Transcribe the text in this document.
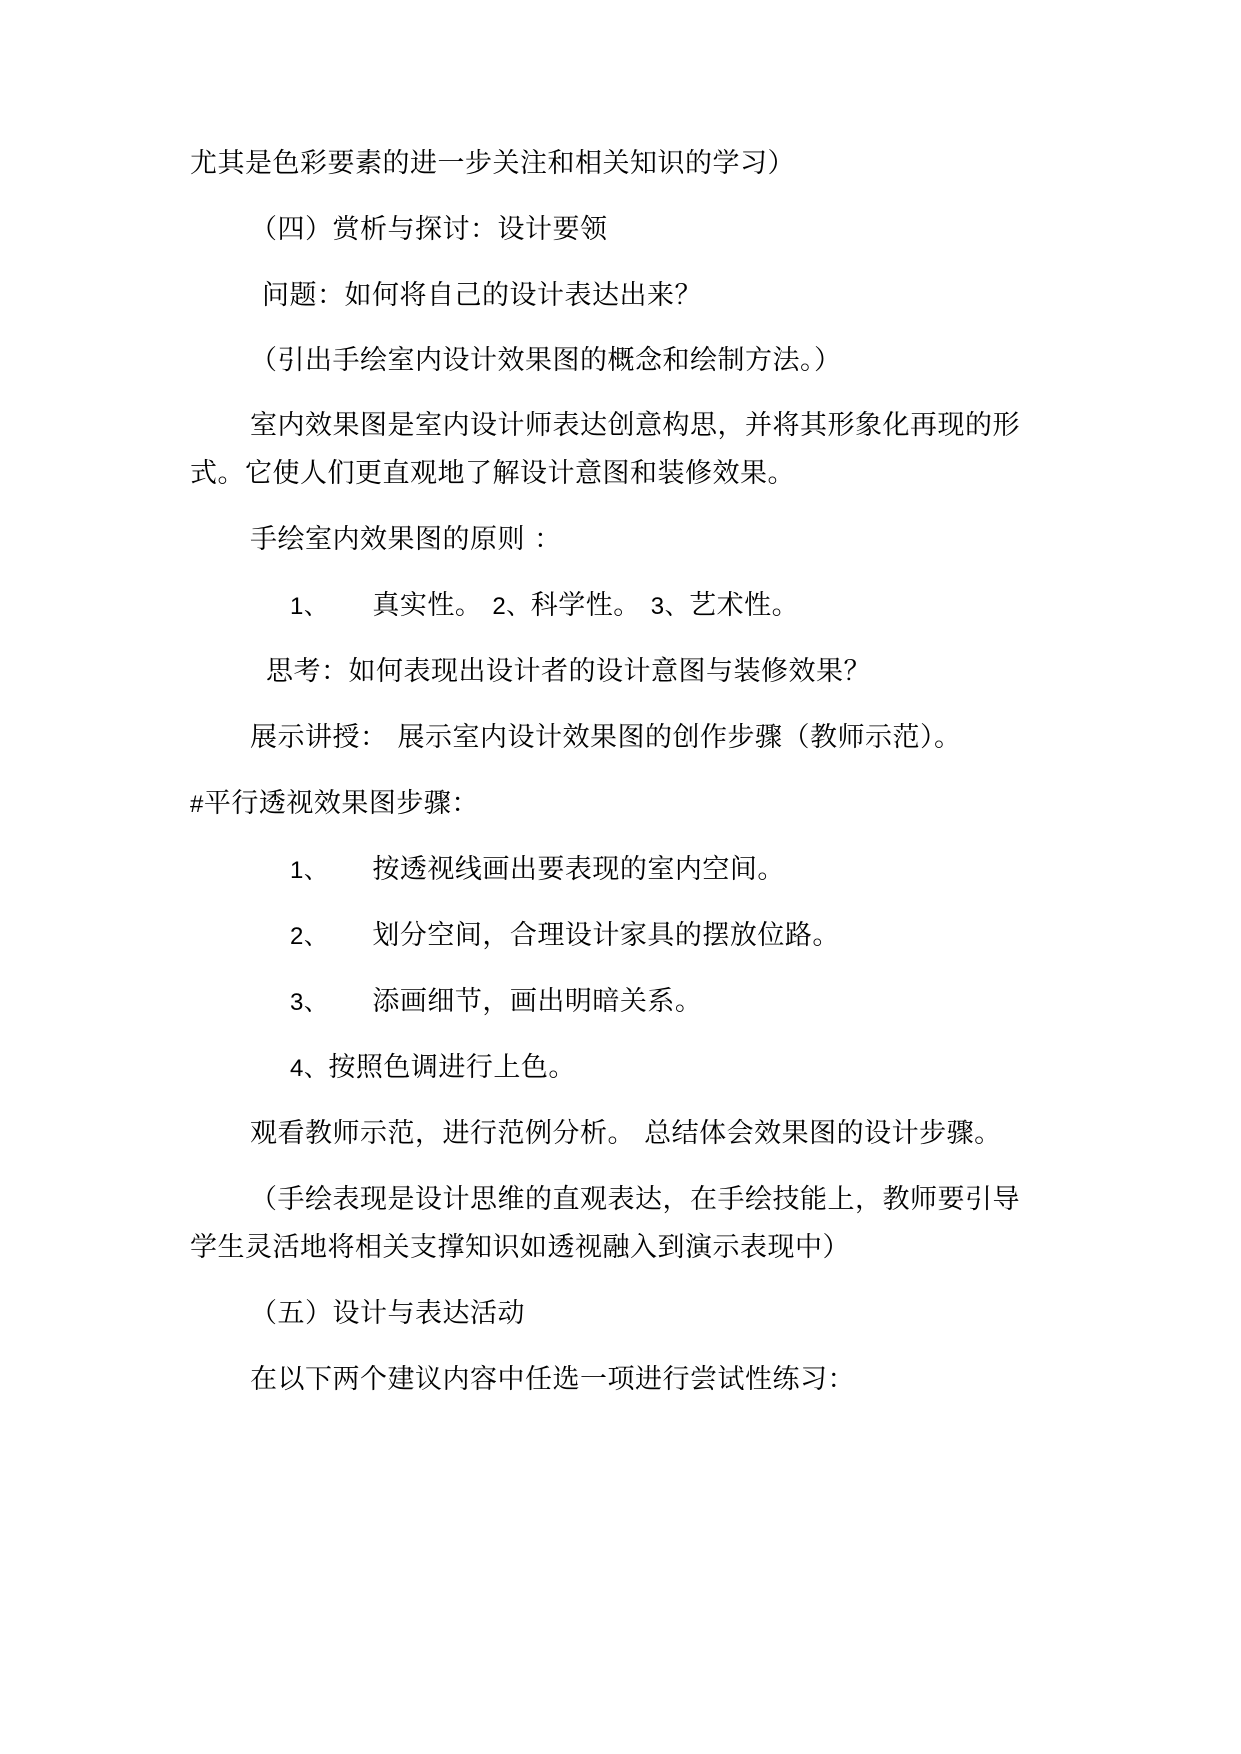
尤其是色彩要素的进一步关注和相关知识的学习）
（四）赏析与探讨：设计要领
问题：如何将自己的设计表达出来？
（引出手绘室内设计效果图的概念和绘制方法。）
室内效果图是室内设计师表达创意构思，并将其形象化再现的形
式。它使人们更直观地了解设计意图和装修效果。
手绘室内效果图的原则 ：
1、 真实性。 2、科学性。 3、艺术性。
思考：如何表现出设计者的设计意图与装修效果？
展示讲授： 展示室内设计效果图的创作步骤（教师示范）。
#平行透视效果图步骤：
1、 按透视线画出要表现的室内空间。
2、 划分空间，合理设计家具的摆放位路。
3、 添画细节，画出明暗关系。
4、按照色调进行上色。
观看教师示范，进行范例分析。 总结体会效果图的设计步骤。
（手绘表现是设计思维的直观表达，在手绘技能上，教师要引导
学生灵活地将相关支撑知识如透视融入到演示表现中）
（五）设计与表达活动
在以下两个建议内容中任选一项进行尝试性练习：
